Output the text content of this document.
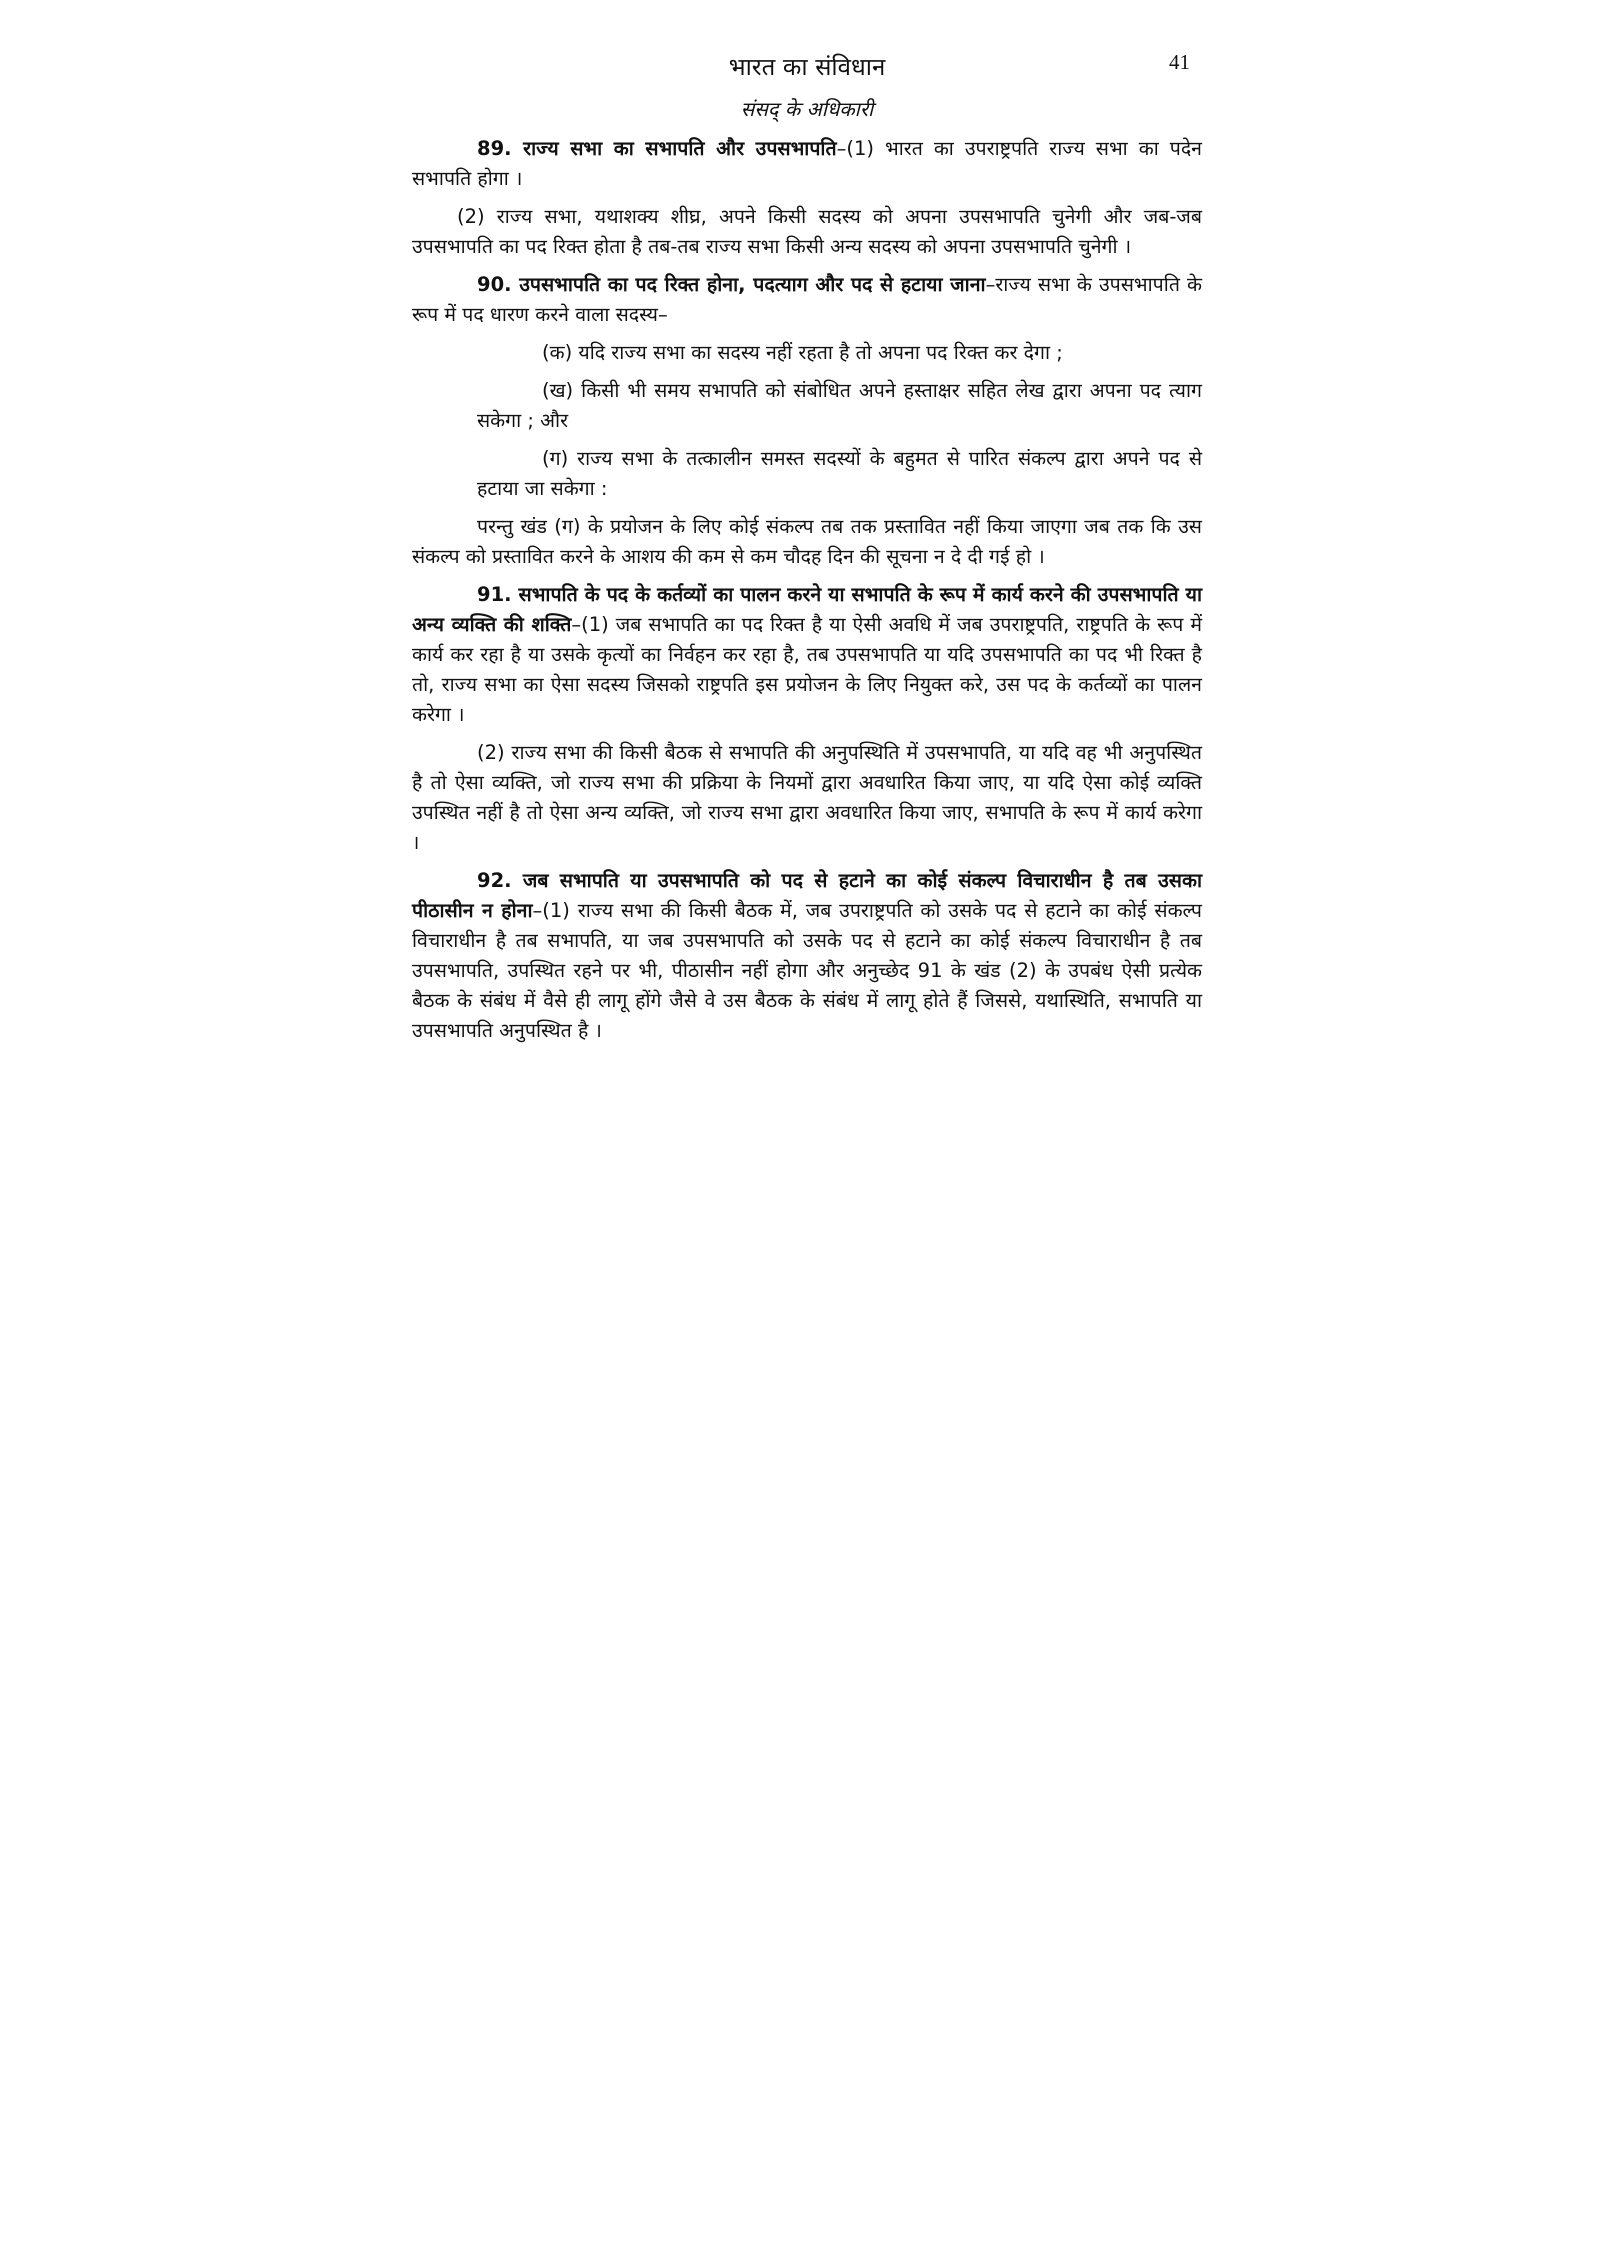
41
भारत का संविधान
संसद् के अधिकारी

89. राज्य सभा का सभापति और उपसभापति–(1) भारत का उपराष्ट्रपति राज्य सभा का पदेन सभापति होगा ।

(2) राज्य सभा, यथाशक्य शीघ्र, अपने किसी सदस्य को अपना उपसभापति चुनेगी और जब-जब उपसभापति का पद रिक्त होता है तब-तब राज्य सभा किसी अन्य सदस्य को अपना उपसभापति चुनेगी ।

90. उपसभापति का पद रिक्त होना, पदत्याग और पद से हटाया जाना–राज्य सभा के उपसभापति के रूप में पद धारण करने वाला सदस्य–

(क) यदि राज्य सभा का सदस्य नहीं रहता है तो अपना पद रिक्त कर देगा ;

(ख) किसी भी समय सभापति को संबोधित अपने हस्ताक्षर सहित लेख द्वारा अपना पद त्याग सकेगा ; और

(ग) राज्य सभा के तत्कालीन समस्त सदस्यों के बहुमत से पारित संकल्प द्वारा अपने पद से हटाया जा सकेगा :

परन्तु खंड (ग) के प्रयोजन के लिए कोई संकल्प तब तक प्रस्तावित नहीं किया जाएगा जब तक कि उस संकल्प को प्रस्तावित करने के आशय की कम से कम चौदह दिन की सूचना न दे दी गई हो ।

91. सभापति के पद के कर्तव्यों का पालन करने या सभापति के रूप में कार्य करने की उपसभापति या अन्य व्यक्ति की शक्ति–(1) जब सभापति का पद रिक्त है या ऐसी अवधि में जब उपराष्ट्रपति, राष्ट्रपति के रूप में कार्य कर रहा है या उसके कृत्यों का निर्वहन कर रहा है, तब उपसभापति या यदि उपसभापति का पद भी रिक्त है तो, राज्य सभा का ऐसा सदस्य जिसको राष्ट्रपति इस प्रयोजन के लिए नियुक्त करे, उस पद के कर्तव्यों का पालन करेगा ।

(2) राज्य सभा की किसी बैठक से सभापति की अनुपस्थिति में उपसभापति, या यदि वह भी अनुपस्थित है तो ऐसा व्यक्ति, जो राज्य सभा की प्रक्रिया के नियमों द्वारा अवधारित किया जाए, या यदि ऐसा कोई व्यक्ति उपस्थित नहीं है तो ऐसा अन्य व्यक्ति, जो राज्य सभा द्वारा अवधारित किया जाए, सभापति के रूप में कार्य करेगा ।

92. जब सभापति या उपसभापति को पद से हटाने का कोई संकल्प विचाराधीन है तब उसका पीठासीन न होना–(1) राज्य सभा की किसी बैठक में, जब उपराष्ट्रपति को उसके पद से हटाने का कोई संकल्प विचाराधीन है तब सभापति, या जब उपसभापति को उसके पद से हटाने का कोई संकल्प विचाराधीन है तब उपसभापति, उपस्थित रहने पर भी, पीठासीन नहीं होगा और अनुच्छेद 91 के खंड (2) के उपबंध ऐसी प्रत्येक बैठक के संबंध में वैसे ही लागू होंगे जैसे वे उस बैठक के संबंध में लागू होते हैं जिससे, यथास्थिति, सभापति या उपसभापति अनुपस्थित है ।
